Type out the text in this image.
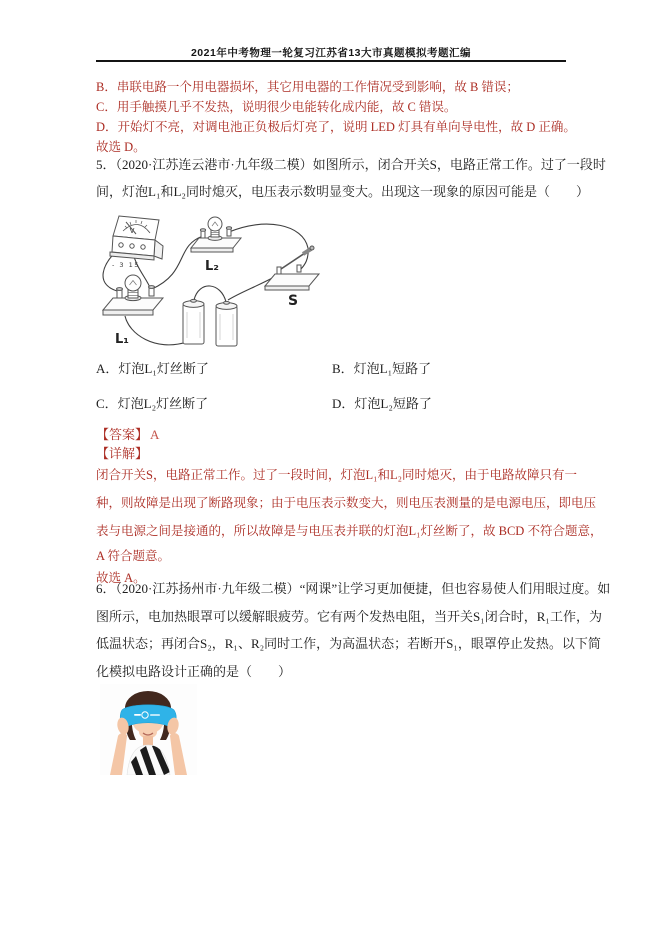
2021年中考物理一轮复习江苏省13大市真题模拟考题汇编
B．串联电路一个用电器损坏，其它用电器的工作情况受到影响，故 B 错误；
C．用手触摸几乎不发热，说明很少电能转化成内能，故 C 错误。
D．开始灯不亮，对调电池正负极后灯亮了，说明 LED 灯具有单向导电性，故 D 正确。
故选 D。
5．（2020·江苏连云港市·九年级二模）如图所示，闭合开关S，电路正常工作。过了一段时
间，灯泡L₁和L₂同时熄灭，电压表示数明显变大。出现这一现象的原因可能是（　　）
V
- 3 15	L₂
S
L₁
A．灯泡L₁灯丝断了	B．灯泡L₁短路了
C．灯泡L₂灯丝断了	D．灯泡L₂短路了
【答案】 A
【详解】
闭合开关S，电路正常工作。过了一段时间，灯泡L₁和L₂同时熄灭，由于电路故障只有一
种，则故障是出现了断路现象；由于电压表示数变大，则电压表测量的是电源电压，即电压
表与电源之间是接通的，所以故障是与电压表并联的灯泡L₁灯丝断了，故 BCD 不符合题意，
A 符合题意。
故选 A。
6．（2020·江苏扬州市·九年级二模）“网课”让学习更加便捷，但也容易使人们用眼过度。如
图所示，电加热眼罩可以缓解眼疲劳。它有两个发热电阻，当开关S₁闭合时，R₁工作，为
低温状态；再闭合S₂，R₁、R₂同时工作，为高温状态；若断开S₁，眼罩停止发热。以下简
化模拟电路设计正确的是（　　）
